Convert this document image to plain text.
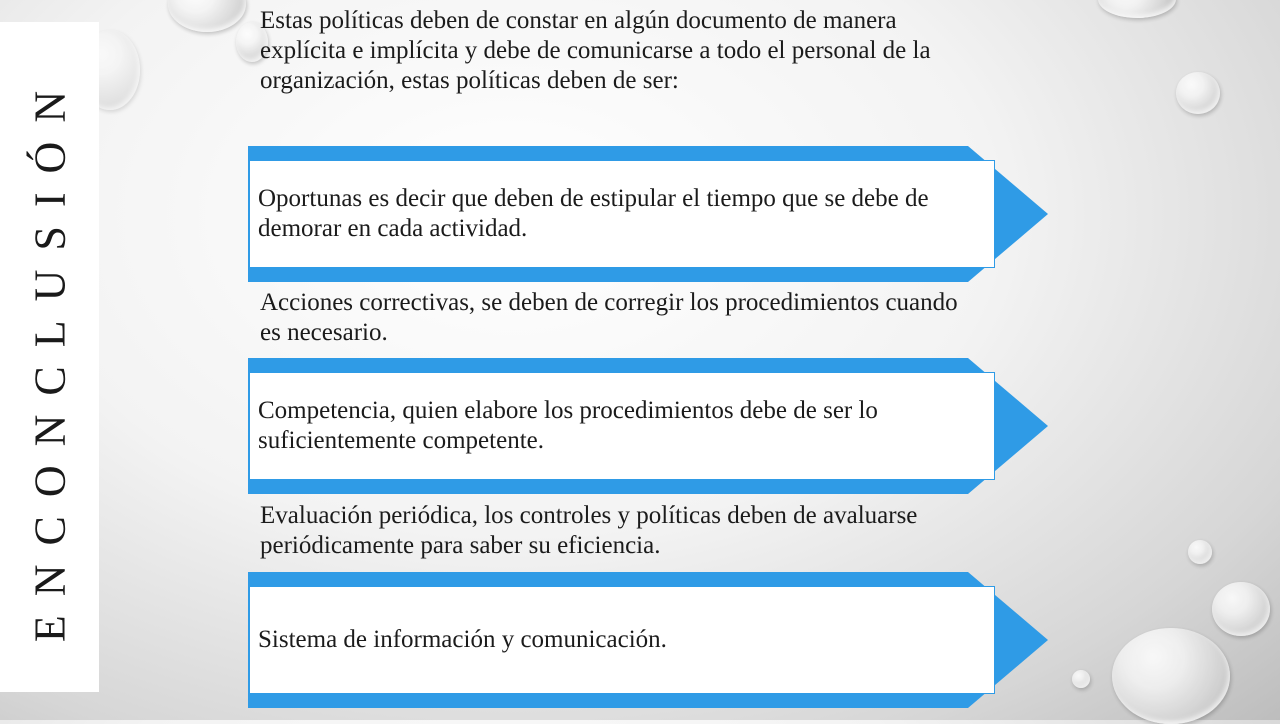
ENCONCLUSIÓN

Estas políticas deben de constar en algún documento de manera explícita e implícita y debe de comunicarse a todo el personal de la organización, estas políticas deben de ser:

Oportunas es decir que deben de estipular el tiempo que se debe de demorar en cada actividad.

Acciones correctivas, se deben de corregir los procedimientos cuando es necesario.

Competencia, quien elabore los procedimientos debe de ser lo suficientemente competente.

Evaluación periódica, los controles y políticas deben de avaluarse periódicamente para saber su eficiencia.

Sistema de información y comunicación.
